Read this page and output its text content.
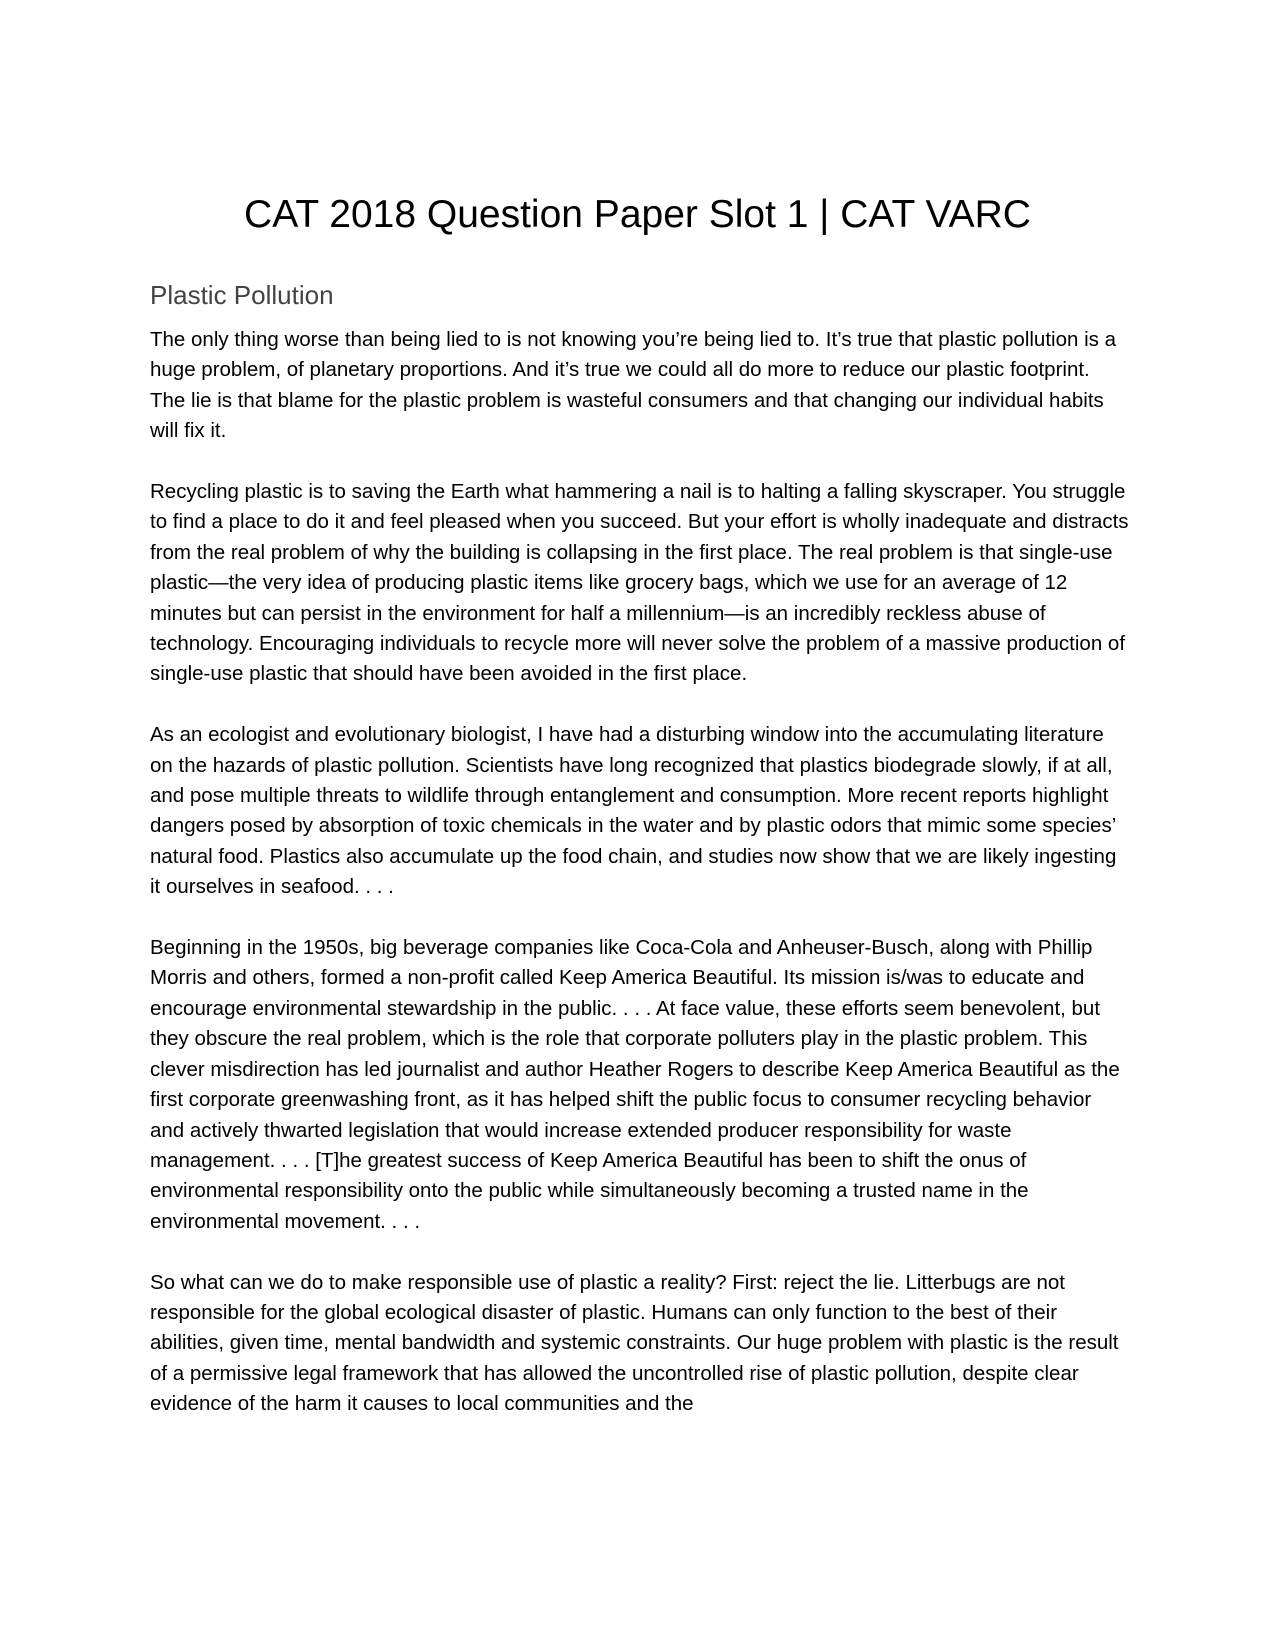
CAT 2018 Question Paper Slot 1 | CAT VARC
Plastic Pollution

The only thing worse than being lied to is not knowing you’re being lied to. It’s true that plastic pollution is a huge problem, of planetary proportions. And it’s true we could all do more to reduce our plastic footprint. The lie is that blame for the plastic problem is wasteful consumers and that changing our individual habits will fix it.

Recycling plastic is to saving the Earth what hammering a nail is to halting a falling skyscraper. You struggle to find a place to do it and feel pleased when you succeed. But your effort is wholly inadequate and distracts from the real problem of why the building is collapsing in the first place. The real problem is that single-use plastic—the very idea of producing plastic items like grocery bags, which we use for an average of 12 minutes but can persist in the environment for half a millennium—is an incredibly reckless abuse of technology. Encouraging individuals to recycle more will never solve the problem of a massive production of single-use plastic that should have been avoided in the first place.

As an ecologist and evolutionary biologist, I have had a disturbing window into the accumulating literature on the hazards of plastic pollution. Scientists have long recognized that plastics biodegrade slowly, if at all, and pose multiple threats to wildlife through entanglement and consumption. More recent reports highlight dangers posed by absorption of toxic chemicals in the water and by plastic odors that mimic some species’ natural food. Plastics also accumulate up the food chain, and studies now show that we are likely ingesting it ourselves in seafood. . . .

Beginning in the 1950s, big beverage companies like Coca-Cola and Anheuser-Busch, along with Phillip Morris and others, formed a non-profit called Keep America Beautiful. Its mission is/was to educate and encourage environmental stewardship in the public. . . . At face value, these efforts seem benevolent, but they obscure the real problem, which is the role that corporate polluters play in the plastic problem. This clever misdirection has led journalist and author Heather Rogers to describe Keep America Beautiful as the first corporate greenwashing front, as it has helped shift the public focus to consumer recycling behavior and actively thwarted legislation that would increase extended producer responsibility for waste management. . . . [T]he greatest success of Keep America Beautiful has been to shift the onus of environmental responsibility onto the public while simultaneously becoming a trusted name in the environmental movement. . . .

So what can we do to make responsible use of plastic a reality? First: reject the lie. Litterbugs are not responsible for the global ecological disaster of plastic. Humans can only function to the best of their abilities, given time, mental bandwidth and systemic constraints. Our huge problem with plastic is the result of a permissive legal framework that has allowed the uncontrolled rise of plastic pollution, despite clear evidence of the harm it causes to local communities and the
